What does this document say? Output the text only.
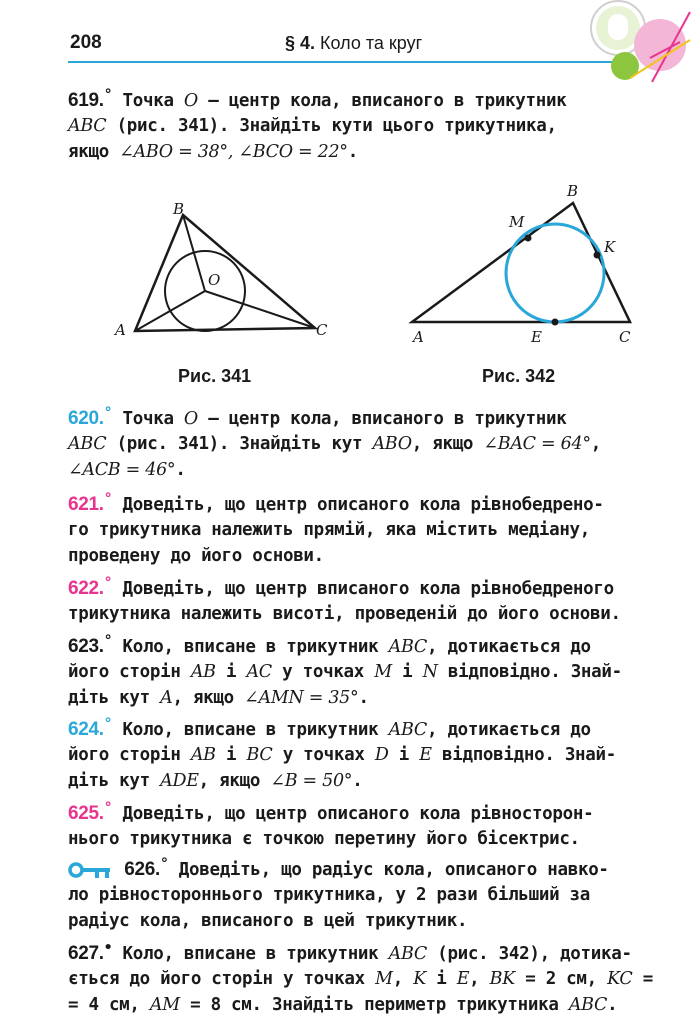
208	§ 4. Коло та круг
619.° Точка O — центр кола, вписаного в трикутник
ABC (рис. 341). Знайдіть кути цього трикутника,
якщо ∠ABO = 38°, ∠BCO = 22°.
A
B
C
O
Рис. 341
A
B
C
M
K
E
Рис. 342
620.° Точка O — центр кола, вписаного в трикутник
ABC (рис. 341). Знайдіть кут ABO, якщо ∠BAC = 64°,
∠ACB = 46°.
621.° Доведіть, що центр описаного кола рівнобедрено-
го трикутника належить прямій, яка містить медіану,
проведену до його основи.
622.° Доведіть, що центр вписаного кола рівнобедреного
трикутника належить висоті, проведеній до його основи.
623.° Коло, вписане в трикутник ABC, дотикається до
його сторін AB і AC у точках M і N відповідно. Знай-
діть кут A, якщо ∠AMN = 35°.
624.° Коло, вписане в трикутник ABC, дотикається до
його сторін AB і BC у точках D і E відповідно. Знай-
діть кут ADE, якщо ∠B = 50°.
625.° Доведіть, що центр описаного кола рівносторон-
нього трикутника є точкою перетину його бісектрис.
626.° Доведіть, що радіус кола, описаного навко-
ло рівностороннього трикутника, у 2 рази більший за
радіус кола, вписаного в цей трикутник.
627.• Коло, вписане в трикутник ABC (рис. 342), дотика-
ється до його сторін у точках M, K і E, BK = 2 см, KC =
= 4 см, AM = 8 см. Знайдіть периметр трикутника ABC.
